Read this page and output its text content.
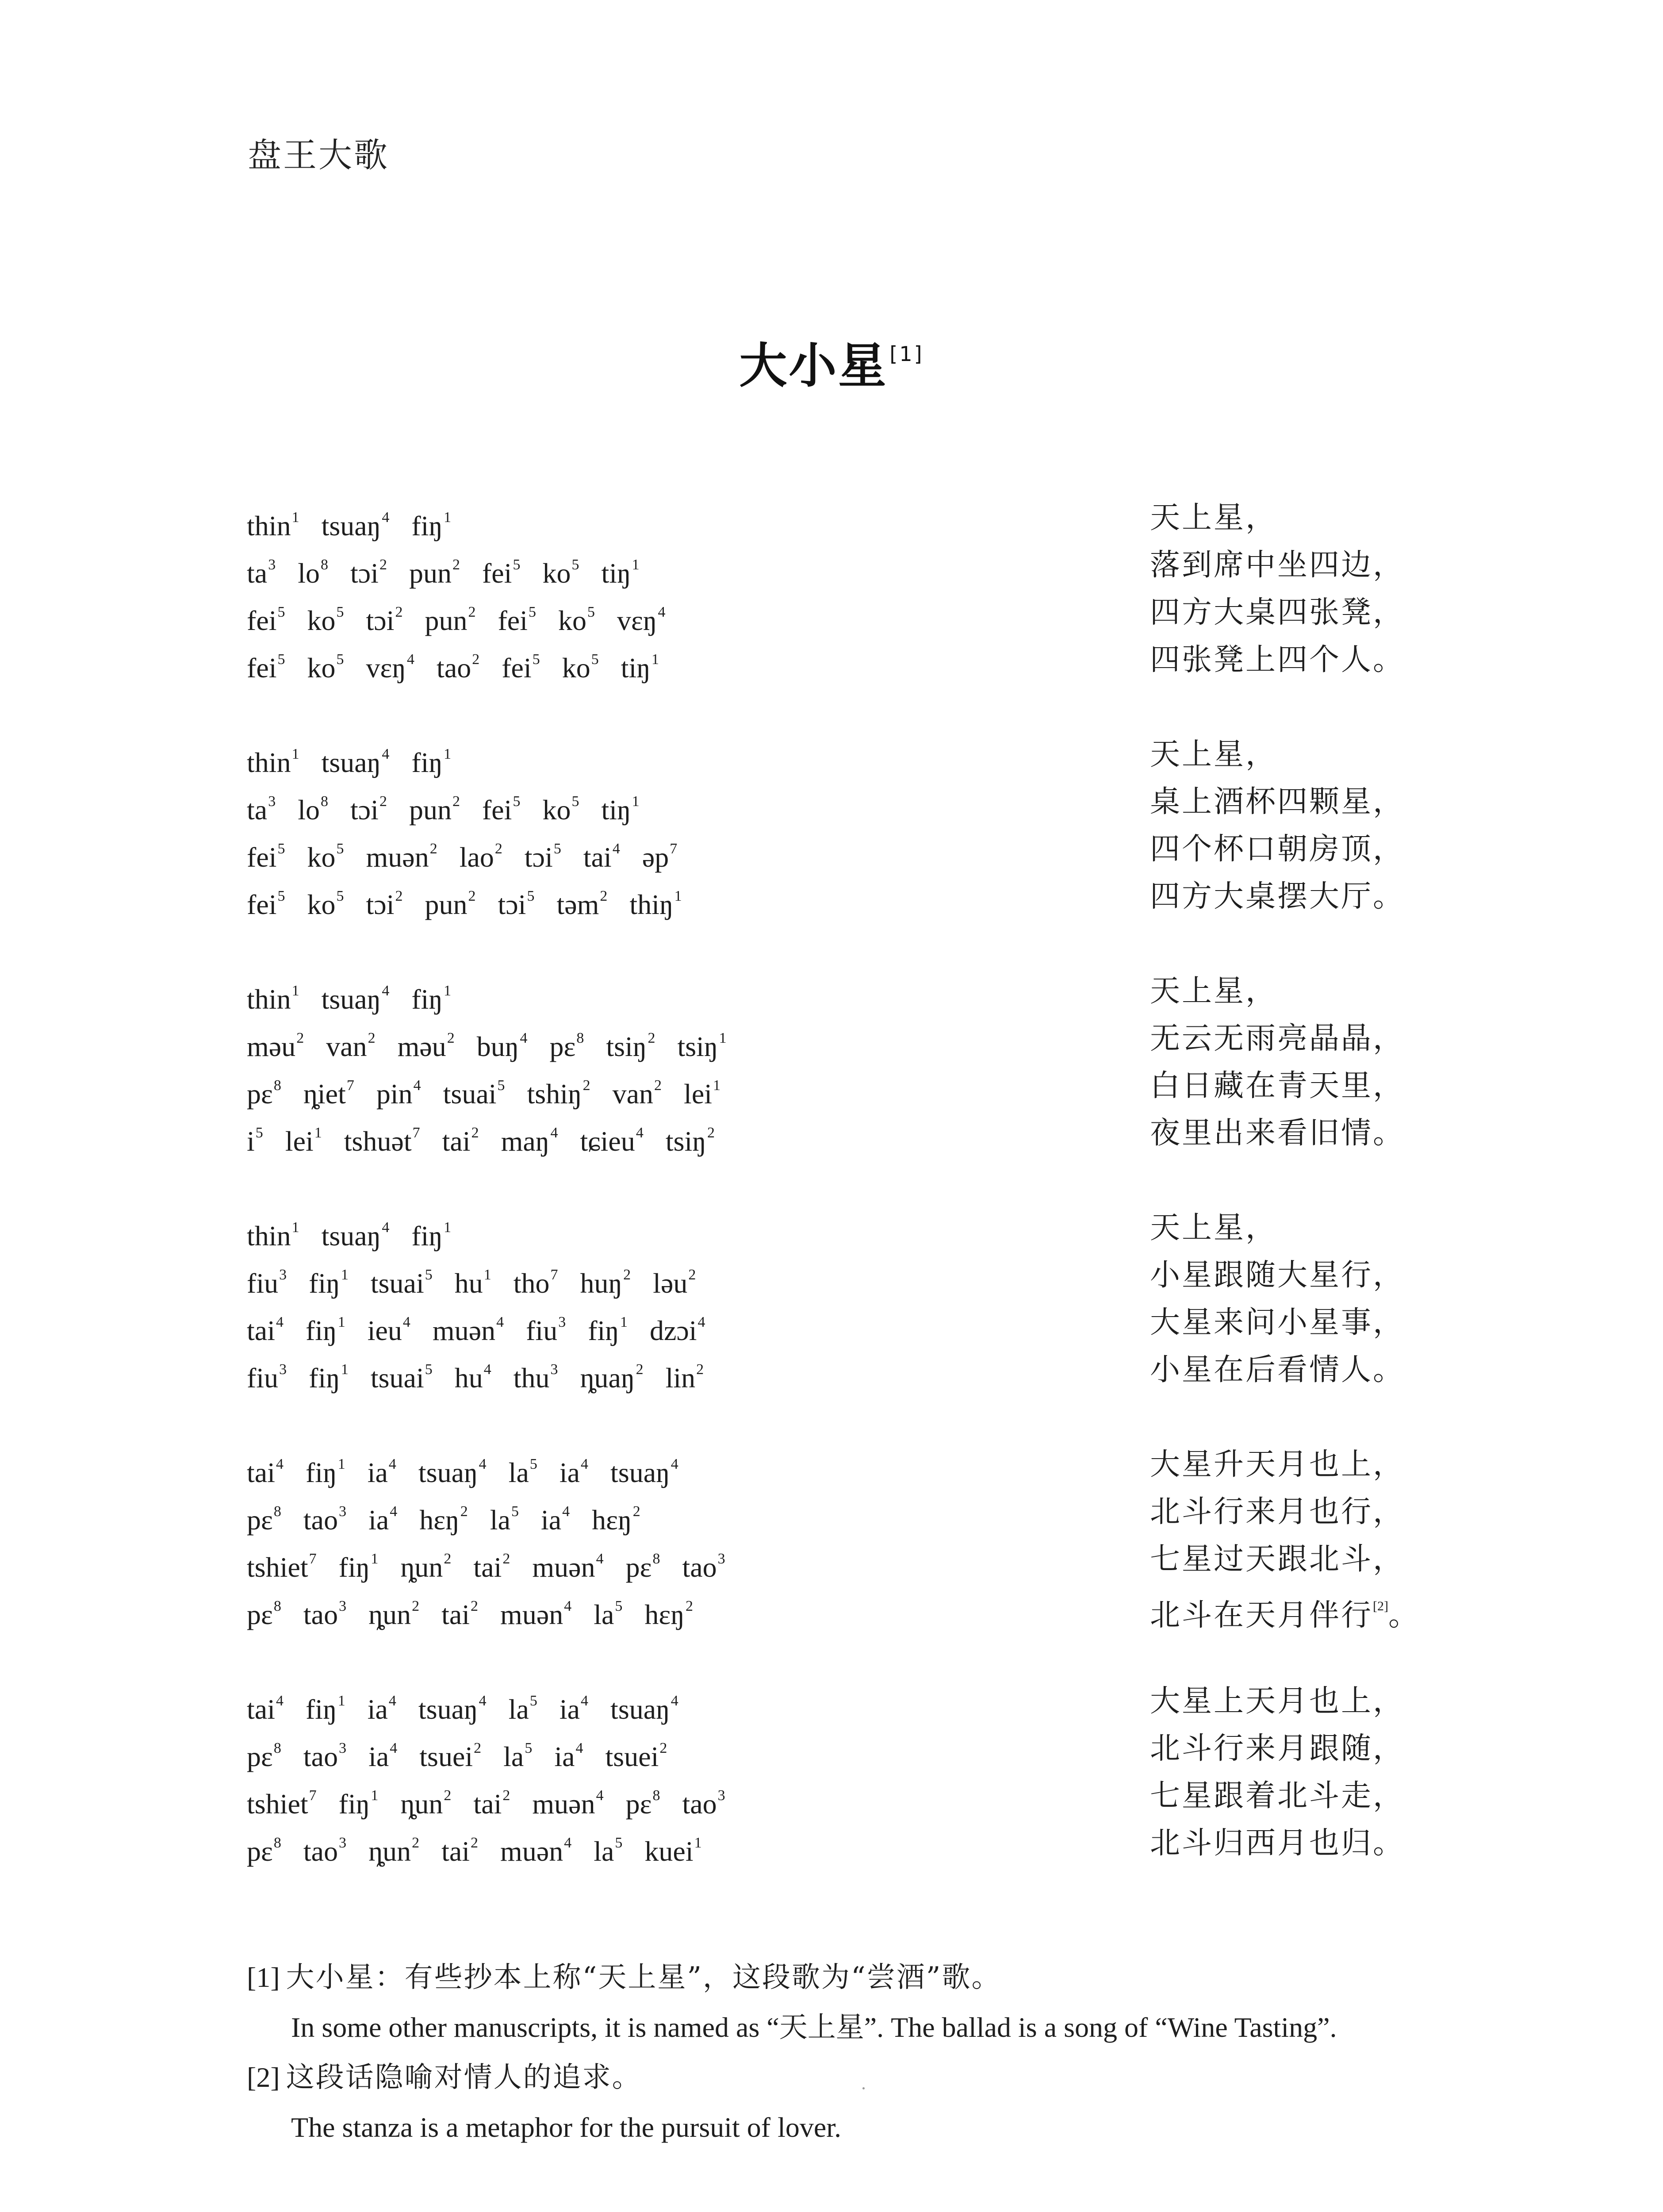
盘王大歌
大小星[1]
thin$^1$ tsuaŋ$^4$ fiŋ$^1$	天上星，
$ta^3$ $lo^8$ tɔi$^2$ pun$^2$ fei$^5$ $ko^5$ tiŋ$^1$	落到席中坐四边，
fei$^5$ $ko^5$ tɔi$^2$ pun$^2$ fei$^5$ $ko^5$ vɛŋ$^4$	四方大桌四张凳，
fei$^5$ $ko^5$ vɛŋ$^4$ tao$^2$ fei$^5$ $ko^5$ tiŋ$^1$	四张凳上四个人。
thin$^1$ tsuaŋ$^4$ fiŋ$^1$	天上星，
$ta^3$ $lo^8$ tɔi$^2$ pun$^2$ fei$^5$ $ko^5$ tiŋ$^1$	桌上酒杯四颗星，
fei$^5$ $ko^5$ muən$^2$ lao$^2$ tɔi$^5$ tai$^4$ əp$^7$	四个杯口朝房顶，
fei$^5$ $ko^5$ tɔi$^2$ pun$^2$ tɔi$^5$ təm$^2$ thiŋ$^1$	四方大桌摆大厅。
thin$^1$ tsuaŋ$^4$ fiŋ$^1$	天上星，
məu$^2$ van$^2$ məu$^2$ buŋ$^4$ pɛ$^8$ tsiŋ$^2$ tsiŋ$^1$	无云无雨亮晶晶，
pɛ$^8$ ȵiet$^7$ pin$^4$ tsuai$^5$ tshiŋ$^2$ van$^2$ lei$^1$	白日藏在青天里，
$i^5$ lei$^1$ tshuət$^7$ tai$^2$ maŋ$^4$ tɕieu$^4$ tsiŋ$^2$	夜里出来看旧情。
thin$^1$ tsuaŋ$^4$ fiŋ$^1$	天上星，
fiu$^3$ fiŋ$^1$ tsuai$^5$ $hu^1$ tho$^7$ huŋ$^2$ ləu$^2$	小星跟随大星行，
tai$^4$ fiŋ$^1$ ieu$^4$ muən$^4$ fiu$^3$ fiŋ$^1$ dzɔi$^4$	大星来问小星事，
fiu$^3$ fiŋ$^1$ tsuai$^5$ $hu^4$ thu$^3$ ȵuaŋ$^2$ lin$^2$	小星在后看情人。
tai$^4$ fiŋ$^1$ $ia^4$ tsuaŋ$^4$ $la^5$ $ia^4$ tsuaŋ$^4$	大星升天月也上，
pɛ$^8$ tao$^3$ $ia^4$ hɛŋ$^2$ $la^5$ $ia^4$ hɛŋ$^2$	北斗行来月也行，
tshiet$^7$ fiŋ$^1$ ȵun$^2$ tai$^2$ muən$^4$ pɛ$^8$ tao$^3$	七星过天跟北斗，
pɛ$^8$ tao$^3$ ȵun$^2$ tai$^2$ muən$^4$ $la^5$ hɛŋ$^2$	北斗在天月伴行[2]。
tai$^4$ fiŋ$^1$ $ia^4$ tsuaŋ$^4$ $la^5$ $ia^4$ tsuaŋ$^4$	大星上天月也上，
pɛ$^8$ tao$^3$ $ia^4$ tsuei$^2$ $la^5$ $ia^4$ tsuei$^2$	北斗行来月跟随，
tshiet$^7$ fiŋ$^1$ ȵun$^2$ tai$^2$ muən$^4$ pɛ$^8$ tao$^3$	七星跟着北斗走，
pɛ$^8$ tao$^3$ ȵun$^2$ tai$^2$ muən$^4$ $la^5$ kuei$^1$	北斗归西月也归。
[1] 大小星：有些抄本上称“天上星”，这段歌为“尝酒”歌。
In some other manuscripts, it is named as “天上星”. The ballad is a song of “Wine Tasting”.
[2] 这段话隐喻对情人的追求。
The stanza is a metaphor for the pursuit of lover.
